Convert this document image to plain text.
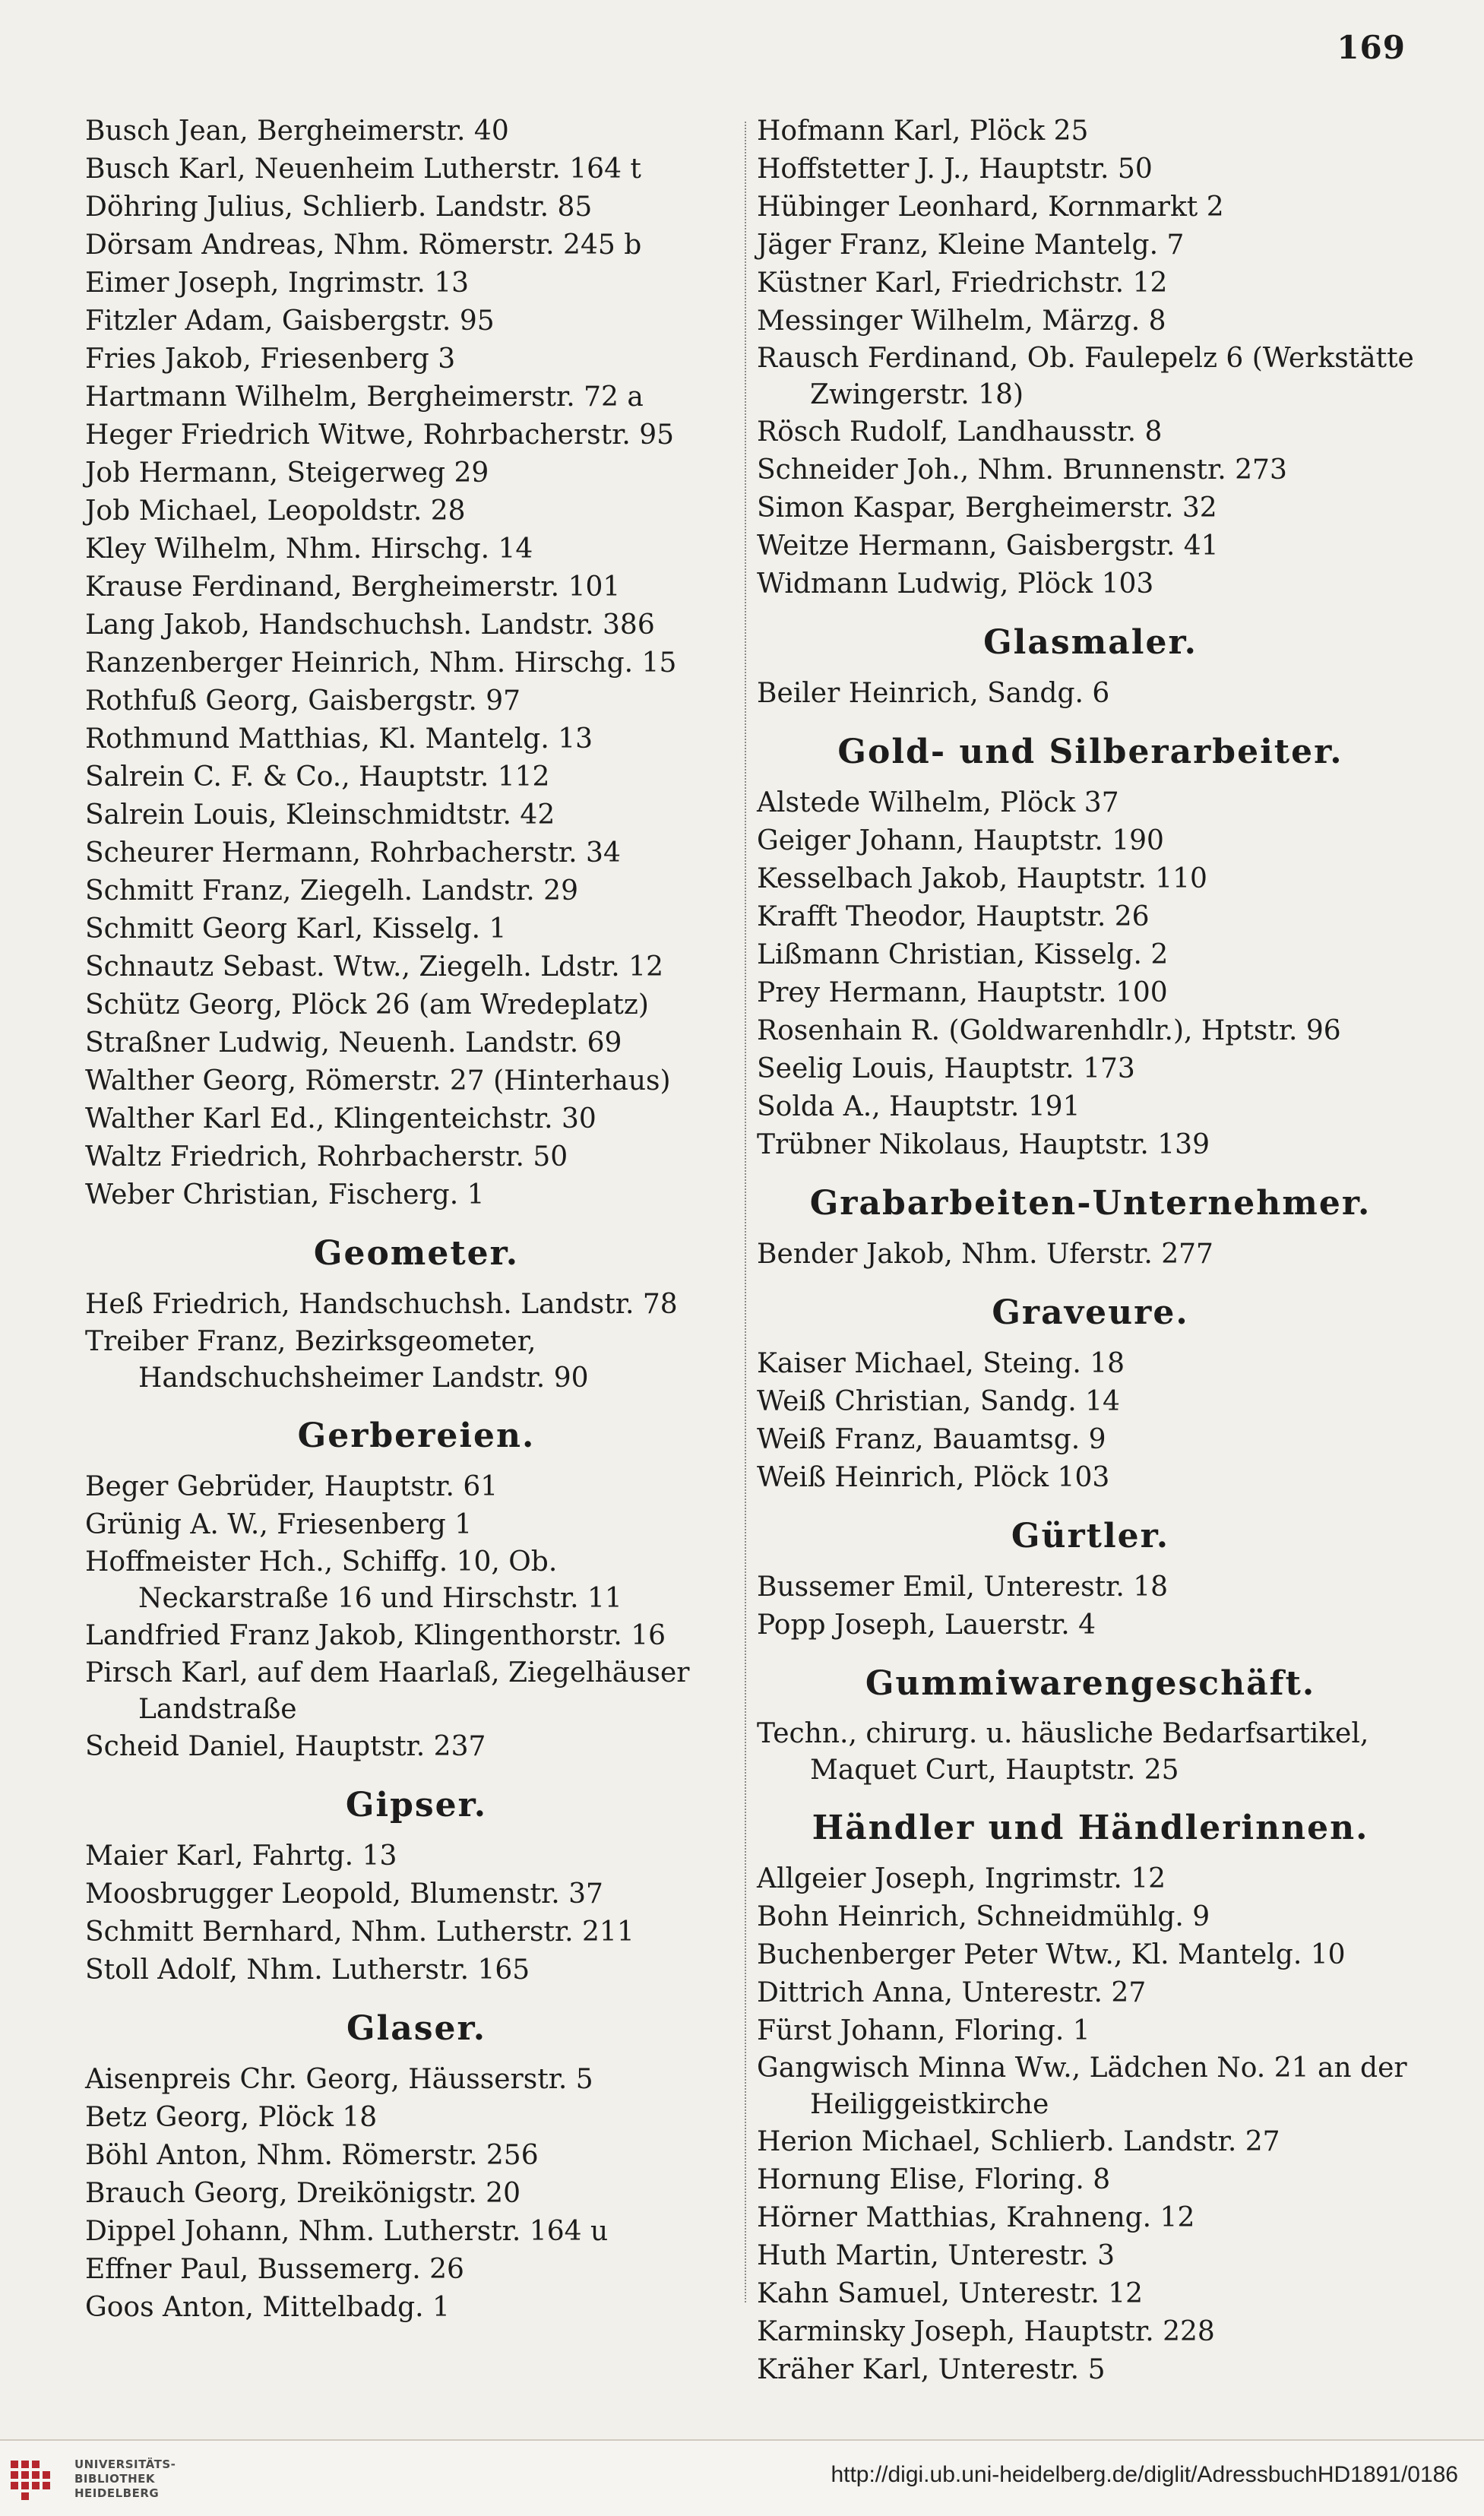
169

Busch Jean, Bergheimerstr. 40

Busch Karl, Neuenheim Lutherstr. 164 t

Döhring Julius, Schlierb. Landstr. 85

Dörsam Andreas, Nhm. Römerstr. 245 b

Eimer Joseph, Ingrimstr. 13

Fitzler Adam, Gaisbergstr. 95

Fries Jakob, Friesenberg 3

Hartmann Wilhelm, Bergheimerstr. 72 a

Heger Friedrich Witwe, Rohrbacherstr. 95

Job Hermann, Steigerweg 29

Job Michael, Leopoldstr. 28

Kley Wilhelm, Nhm. Hirschg. 14

Krause Ferdinand, Bergheimerstr. 101

Lang Jakob, Handschuchsh. Landstr. 386

Ranzenberger Heinrich, Nhm. Hirschg. 15

Rothfuß Georg, Gaisbergstr. 97

Rothmund Matthias, Kl. Mantelg. 13

Salrein C. F. & Co., Hauptstr. 112

Salrein Louis, Kleinschmidtstr. 42

Scheurer Hermann, Rohrbacherstr. 34

Schmitt Franz, Ziegelh. Landstr. 29

Schmitt Georg Karl, Kisselg. 1

Schnautz Sebast. Wtw., Ziegelh. Ldstr. 12

Schütz Georg, Plöck 26 (am Wredeplatz)

Straßner Ludwig, Neuenh. Landstr. 69

Walther Georg, Römerstr. 27 (Hinterhaus)

Walther Karl Ed., Klingenteichstr. 30

Waltz Friedrich, Rohrbacherstr. 50

Weber Christian, Fischerg. 1

Geometer.

Heß Friedrich, Handschuchsh. Landstr. 78

Treiber Franz, Bezirksgeometer, Handschuchsheimer Landstr. 90

Gerbereien.

Beger Gebrüder, Hauptstr. 61

Grünig A. W., Friesenberg 1

Hoffmeister Hch., Schiffg. 10, Ob. Neckarstraße 16 und Hirschstr. 11

Landfried Franz Jakob, Klingenthorstr. 16

Pirsch Karl, auf dem Haarlaß, Ziegelhäuser Landstraße

Scheid Daniel, Hauptstr. 237

Gipser.

Maier Karl, Fahrtg. 13

Moosbrugger Leopold, Blumenstr. 37

Schmitt Bernhard, Nhm. Lutherstr. 211

Stoll Adolf, Nhm. Lutherstr. 165

Glaser.

Aisenpreis Chr. Georg, Häusserstr. 5

Betz Georg, Plöck 18

Böhl Anton, Nhm. Römerstr. 256

Brauch Georg, Dreikönigstr. 20

Dippel Johann, Nhm. Lutherstr. 164 u

Effner Paul, Bussemerg. 26

Goos Anton, Mittelbadg. 1

Hofmann Karl, Plöck 25

Hoffstetter J. J., Hauptstr. 50

Hübinger Leonhard, Kornmarkt 2

Jäger Franz, Kleine Mantelg. 7

Küstner Karl, Friedrichstr. 12

Messinger Wilhelm, Märzg. 8

Rausch Ferdinand, Ob. Faulepelz 6 (Werkstätte Zwingerstr. 18)

Rösch Rudolf, Landhausstr. 8

Schneider Joh., Nhm. Brunnenstr. 273

Simon Kaspar, Bergheimerstr. 32

Weitze Hermann, Gaisbergstr. 41

Widmann Ludwig, Plöck 103

Glasmaler.

Beiler Heinrich, Sandg. 6

Gold- und Silberarbeiter.

Alstede Wilhelm, Plöck 37

Geiger Johann, Hauptstr. 190

Kesselbach Jakob, Hauptstr. 110

Krafft Theodor, Hauptstr. 26

Lißmann Christian, Kisselg. 2

Prey Hermann, Hauptstr. 100

Rosenhain R. (Goldwarenhdlr.), Hptstr. 96

Seelig Louis, Hauptstr. 173

Solda A., Hauptstr. 191

Trübner Nikolaus, Hauptstr. 139

Grabarbeiten-Unternehmer.

Bender Jakob, Nhm. Uferstr. 277

Graveure.

Kaiser Michael, Steing. 18

Weiß Christian, Sandg. 14

Weiß Franz, Bauamtsg. 9

Weiß Heinrich, Plöck 103

Gürtler.

Bussemer Emil, Unterestr. 18

Popp Joseph, Lauerstr. 4

Gummiwarengeschäft.

Techn., chirurg. u. häusliche Bedarfsartikel, Maquet Curt, Hauptstr. 25

Händler und Händlerinnen.

Allgeier Joseph, Ingrimstr. 12

Bohn Heinrich, Schneidmühlg. 9

Buchenberger Peter Wtw., Kl. Mantelg. 10

Dittrich Anna, Unterestr. 27

Fürst Johann, Floring. 1

Gangwisch Minna Ww., Lädchen No. 21 an der Heiliggeistkirche

Herion Michael, Schlierb. Landstr. 27

Hornung Elise, Floring. 8

Hörner Matthias, Krahneng. 12

Huth Martin, Unterestr. 3

Kahn Samuel, Unterestr. 12

Karminsky Joseph, Hauptstr. 228

Kräher Karl, Unterestr. 5

UNIVERSITÄTS-
BIBLIOTHEK
HEIDELBERG
http://digi.ub.uni-heidelberg.de/diglit/AdressbuchHD1891/0186
